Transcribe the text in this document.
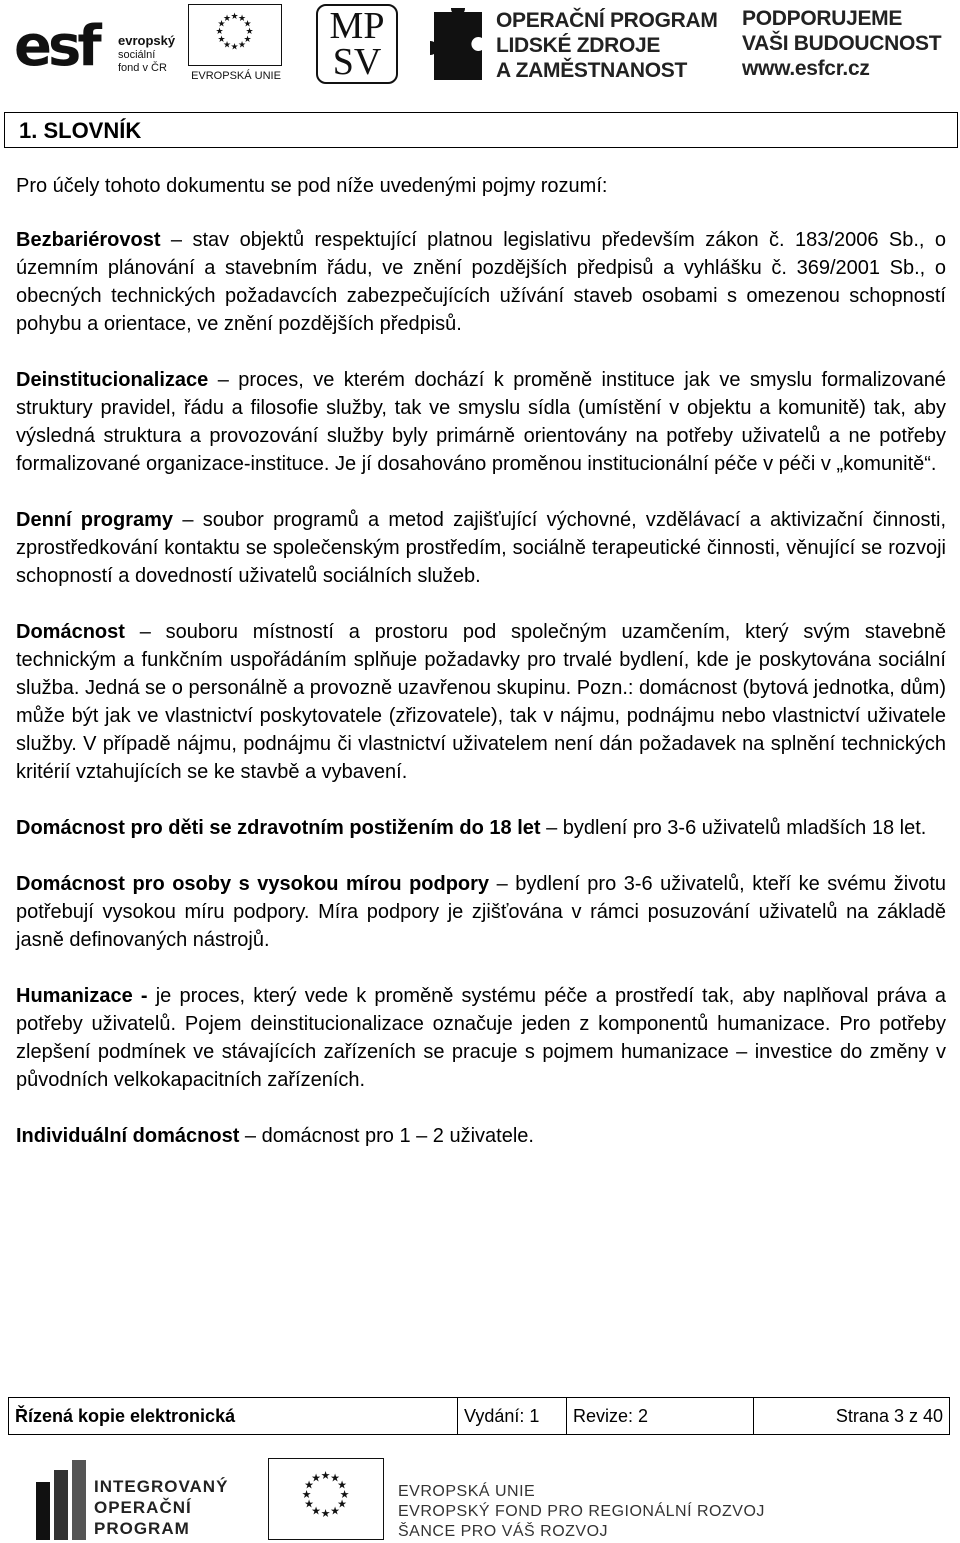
esf evropský
sociální
fond v ČR
★ ★
★
★
★
★
★
★
★
★
★
★
EVROPSKÁ UNIE
MP
SV
OPERAČNÍ PROGRAM
LIDSKÉ ZDROJE
A ZAMĚSTNANOST
PODPORUJEME
VAŠI BUDOUCNOST
www.esfcr.cz
1. SLOVNÍK

Pro účely tohoto dokumentu se pod níže uvedenými pojmy rozumí:

Bezbariérovost – stav objektů respektující platnou legislativu především zákon č. 183/2006 Sb., o územním plánování a stavebním řádu, ve znění pozdějších předpisů a vyhlášku č. 369/2001 Sb., o obecných technických požadavcích zabezpečujících užívání staveb osobami s omezenou schopností pohybu a orientace, ve znění pozdějších předpisů.

Deinstitucionalizace – proces, ve kterém dochází k proměně instituce jak ve smyslu formalizované struktury pravidel, řádu a filosofie služby, tak ve smyslu sídla (umístění v objektu a komunitě) tak, aby výsledná struktura a provozování služby byly primárně orientovány na potřeby uživatelů a ne potřeby formalizované organizace-instituce. Je jí dosahováno proměnou institucionální péče v péči v „komunitě“.

Denní programy – soubor programů a metod zajišťující výchovné, vzdělávací a aktivizační činnosti, zprostředkování kontaktu se společenským prostředím, sociálně terapeutické činnosti, věnující se rozvoji schopností a dovedností uživatelů sociálních služeb.

Domácnost – souboru místností a prostoru pod společným uzamčením, který svým stavebně technickým a funkčním uspořádáním splňuje požadavky pro trvalé bydlení, kde je poskytována sociální služba. Jedná se o personálně a provozně uzavřenou skupinu. Pozn.: domácnost (bytová jednotka, dům) může být jak ve vlastnictví poskytovatele (zřizovatele), tak v nájmu, podnájmu nebo vlastnictví uživatele služby. V případě nájmu, podnájmu či vlastnictví uživatelem není dán požadavek na splnění technických kritérií vztahujících se ke stavbě a vybavení.

Domácnost pro děti se zdravotním postižením do 18 let – bydlení pro 3-6 uživatelů mladších 18 let.

Domácnost pro osoby s vysokou mírou podpory – bydlení pro 3-6 uživatelů, kteří ke svému životu potřebují vysokou míru podpory. Míra podpory je zjišťována v rámci posuzování uživatelů na základě jasně definovaných nástrojů.

Humanizace - je proces, který vede k proměně systému péče a prostředí tak, aby naplňoval práva a potřeby uživatelů. Pojem deinstitucionalizace označuje jeden z komponentů humanizace. Pro potřeby zlepšení podmínek ve stávajících zařízeních se pracuje s pojmem humanizace – investice do změny v původních velkokapacitních zařízeních.

Individuální domácnost – domácnost pro 1 – 2 uživatele.

Řízená kopie elektronická	Vydání: 1	Revize: 2	Strana 3 z 40
INTEGROVANÝ
OPERAČNÍ
PROGRAM
★ ★
★
★
★
★
★
★
★
★
★
★
EVROPSKÁ UNIE
EVROPSKÝ FOND PRO REGIONÁLNÍ ROZVOJ
ŠANCE PRO VÁŠ ROZVOJ
